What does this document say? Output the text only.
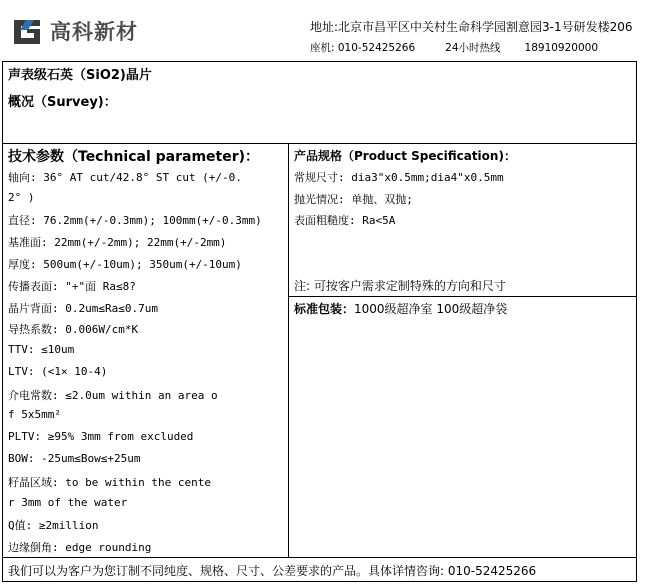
高科新材	地址:北京市昌平区中关村生命科学园割意园3-1号研发楼206
座机: 010-52425266	24小时热线 18910920000
声表级石英（SiO2)晶片
概况（Survey)：
技术参数（Technical parameter)：
轴向: 36° AT cut/42.8° ST cut (+/-0.
2° )
直径: 76.2mm(+/-0.3mm); 100mm(+/-0.3mm)
基准面: 22mm(+/-2mm); 22mm(+/-2mm)
厚度: 500um(+/-10um); 350um(+/-10um)
传播表面: "+"面 Ra≤8?
晶片背面: 0.2um≤Ra≤0.7um
导热系数: 0.006W/cm*K
TTV: ≤10um
LTV: (<1× 10-4)
介电常数: ≤2.0um within an area o
f 5x5mm²
PLTV: ≥95% 3mm from excluded
BOW: -25um≤Bow≤+25um
籽晶区域: to be within the cente
r 3mm of the water
Q值: ≥2million
边缘倒角: edge rounding
产品规格（Product Specification)：
常规尺寸: dia3"x0.5mm;dia4"x0.5mm
抛光情况: 单抛、双抛;
表面粗糙度: Ra<5A
注: 可按客户需求定制特殊的方向和尺寸
标准包装：1000级超净室 100级超净袋
我们可以为客户为您订制不同纯度、规格、尺寸、公差要求的产品。具体详情咨询: 010-52425266
